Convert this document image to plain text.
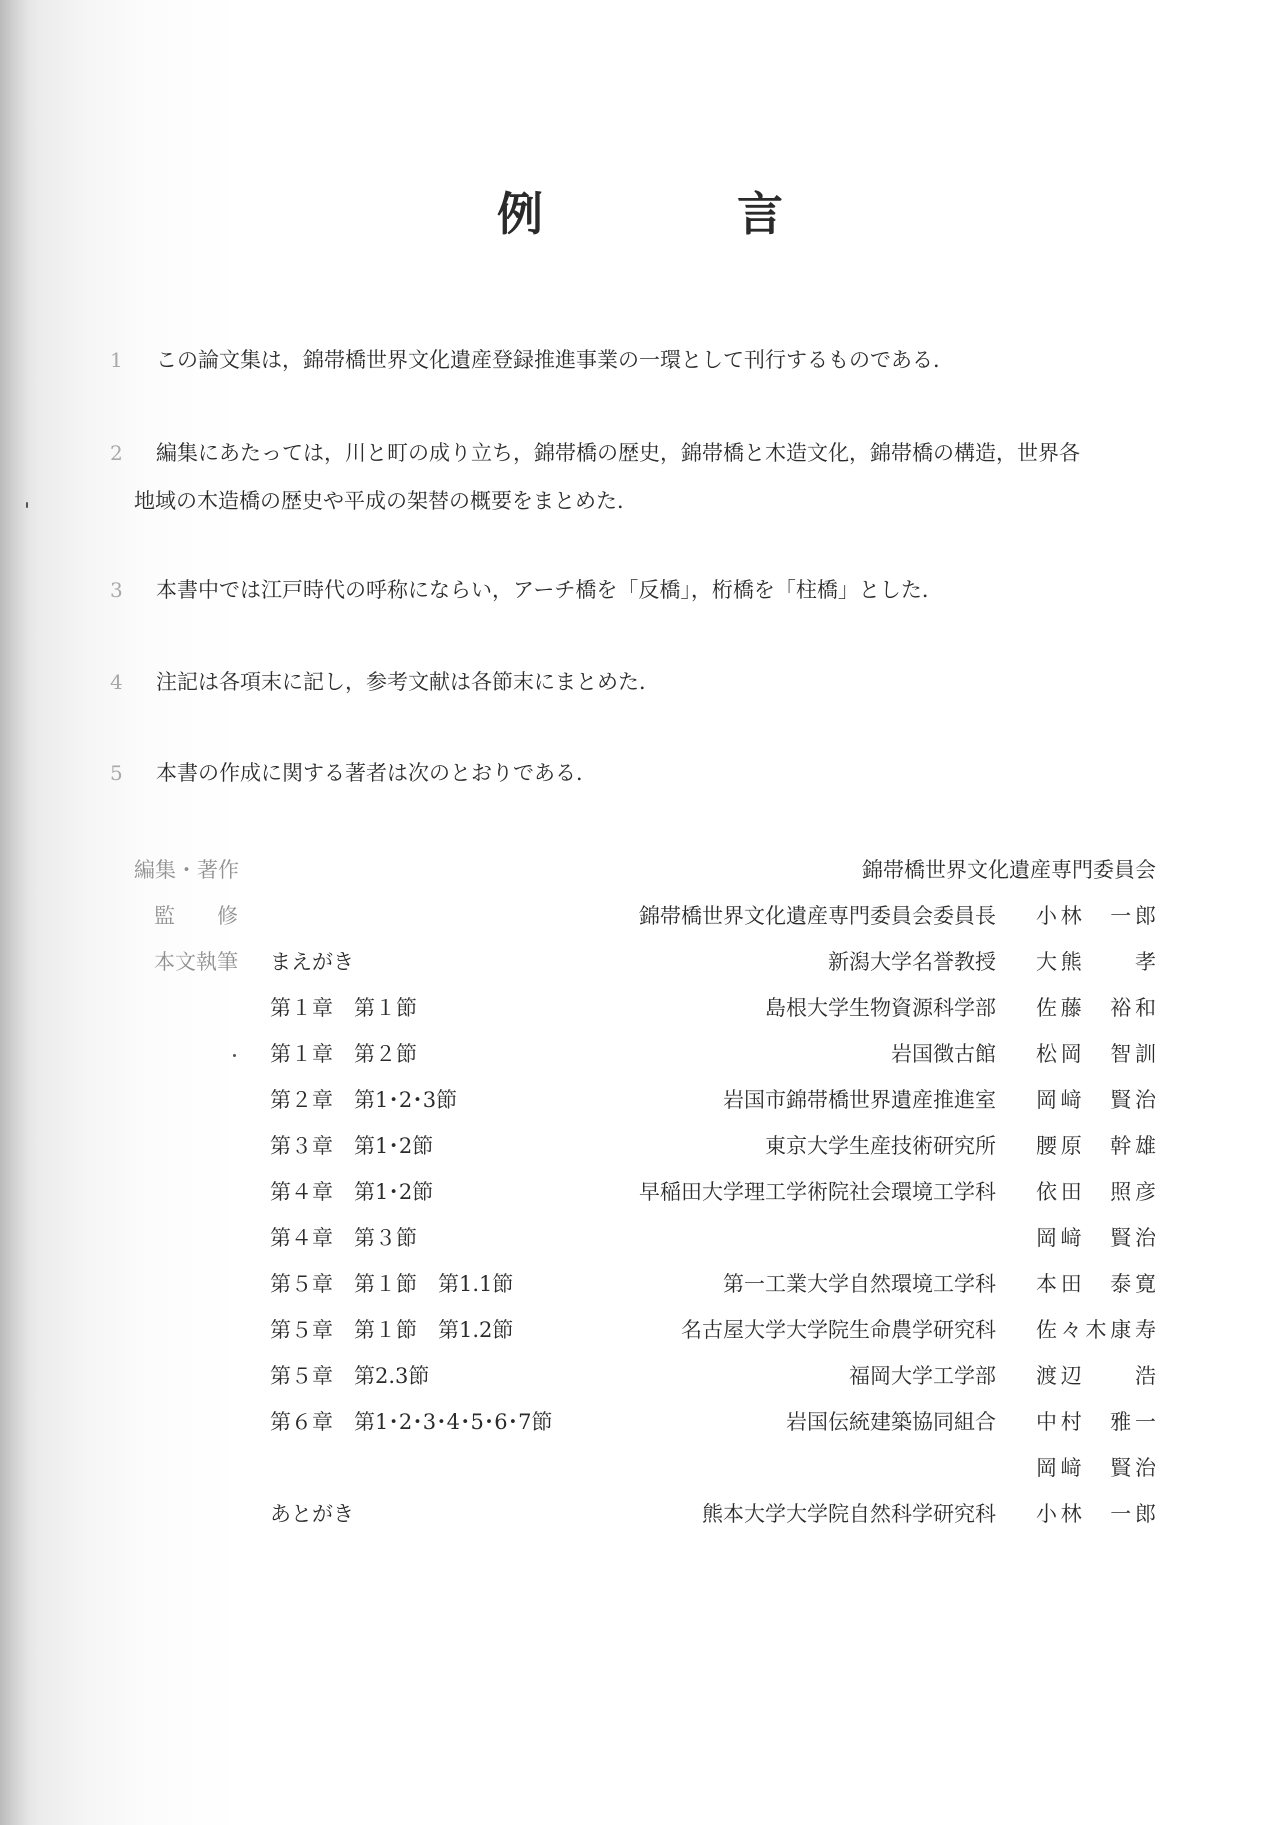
例　言
1 この論文集は，錦帯橋世界文化遺産登録推進事業の一環として刊行するものである．
2 編集にあたっては，川と町の成り立ち，錦帯橋の歴史，錦帯橋と木造文化，錦帯橋の構造，世界各
地域の木造橋の歴史や平成の架替の概要をまとめた．
3 本書中では江戸時代の呼称にならい，アーチ橋を「反橋」，桁橋を「柱橋」とした．
4 注記は各項末に記し，参考文献は各節末にまとめた．
5 本書の作成に関する著者は次のとおりである．
編集・著作	錦帯橋世界文化遺産専門委員会
監　　修	錦帯橋世界文化遺産専門委員会委員長 小林　一郎
本文執筆 まえがき	新潟大学名誉教授 大熊　　孝
第１章　第１節	島根大学生物資源科学部 佐藤　裕和
第１章　第２節	岩国徴古館 松岡　智訓
第２章　第1･2･3節	岩国市錦帯橋世界遺産推進室 岡﨑　賢治
第３章　第1･2節	東京大学生産技術研究所 腰原　幹雄
第４章　第1･2節	早稲田大学理工学術院社会環境工学科 依田　照彦
第４章　第３節	岡﨑　賢治
第５章　第１節　第1.1節	第一工業大学自然環境工学科 本田　泰寛
第５章　第１節　第1.2節	名古屋大学大学院生命農学研究科 佐々木康寿
第５章　第2.3節	福岡大学工学部 渡辺　　浩
第６章　第1･2･3･4･5･6･7節	岩国伝統建築協同組合 中村　雅一
岡﨑　賢治
あとがき	熊本大学大学院自然科学研究科 小林　一郎
